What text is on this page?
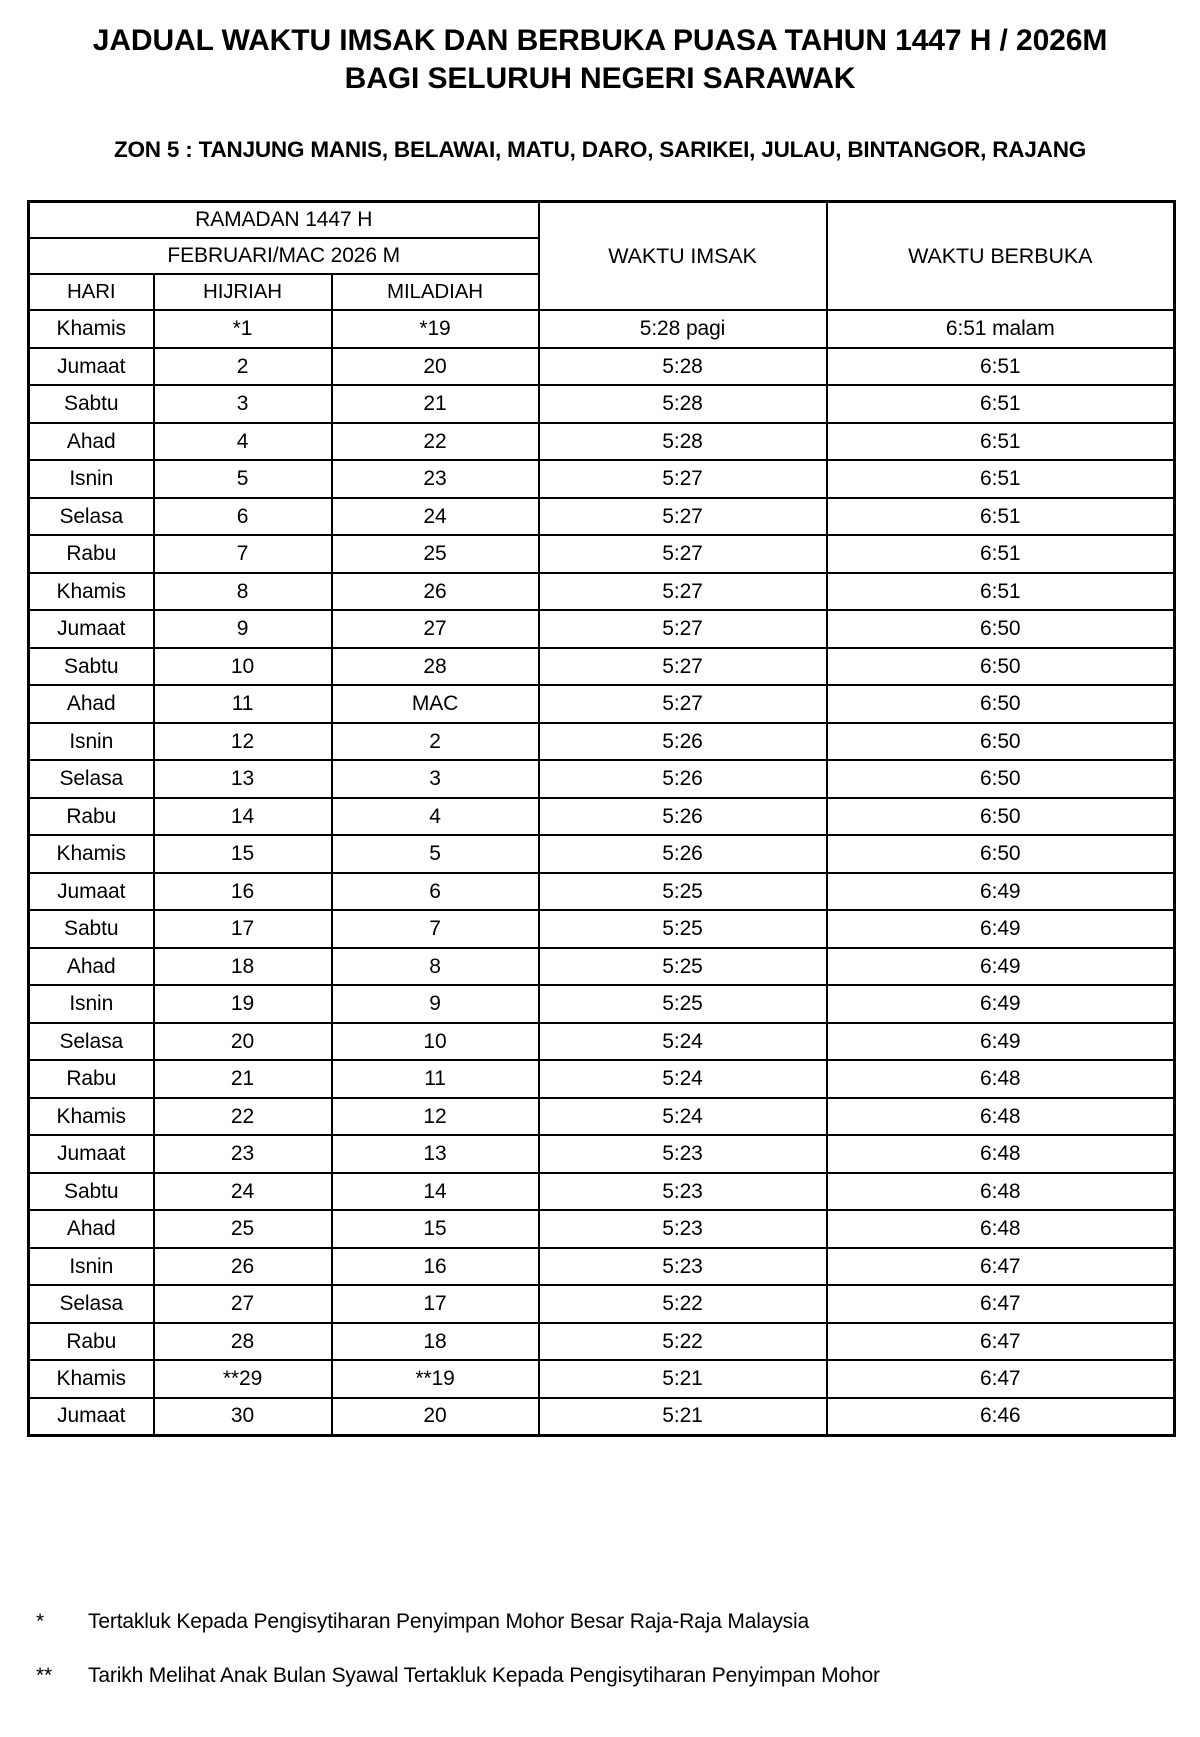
JADUAL WAKTU IMSAK DAN BERBUKA PUASA TAHUN 1447 H / 2026M
BAGI SELURUH NEGERI SARAWAK
ZON 5 : TANJUNG MANIS, BELAWAI, MATU, DARO, SARIKEI, JULAU, BINTANGOR, RAJANG
RAMADAN 1447 H			WAKTU IMSAK	WAKTU BERBUKA
FEBRUARI/MAC 2026 M				
HARI	HIJRIAH	MILADIAH		
Khamis	*1	*19	5:28 pagi	6:51 malam
Jumaat	2	20	5:28	6:51
Sabtu	3	21	5:28	6:51
Ahad	4	22	5:28	6:51
Isnin	5	23	5:27	6:51
Selasa	6	24	5:27	6:51
Rabu	7	25	5:27	6:51
Khamis	8	26	5:27	6:51
Jumaat	9	27	5:27	6:50
Sabtu	10	28	5:27	6:50
Ahad	11	MAC	5:27	6:50
Isnin	12	2	5:26	6:50
Selasa	13	3	5:26	6:50
Rabu	14	4	5:26	6:50
Khamis	15	5	5:26	6:50
Jumaat	16	6	5:25	6:49
Sabtu	17	7	5:25	6:49
Ahad	18	8	5:25	6:49
Isnin	19	9	5:25	6:49
Selasa	20	10	5:24	6:49
Rabu	21	11	5:24	6:48
Khamis	22	12	5:24	6:48
Jumaat	23	13	5:23	6:48
Sabtu	24	14	5:23	6:48
Ahad	25	15	5:23	6:48
Isnin	26	16	5:23	6:47
Selasa	27	17	5:22	6:47
Rabu	28	18	5:22	6:47
Khamis	**29	**19	5:21	6:47
Jumaat	30	20	5:21	6:46
*	Tertakluk Kepada Pengisytiharan Penyimpan Mohor Besar Raja-Raja Malaysia
**	Tarikh Melihat Anak Bulan Syawal Tertakluk Kepada Pengisytiharan Penyimpan Mohor
